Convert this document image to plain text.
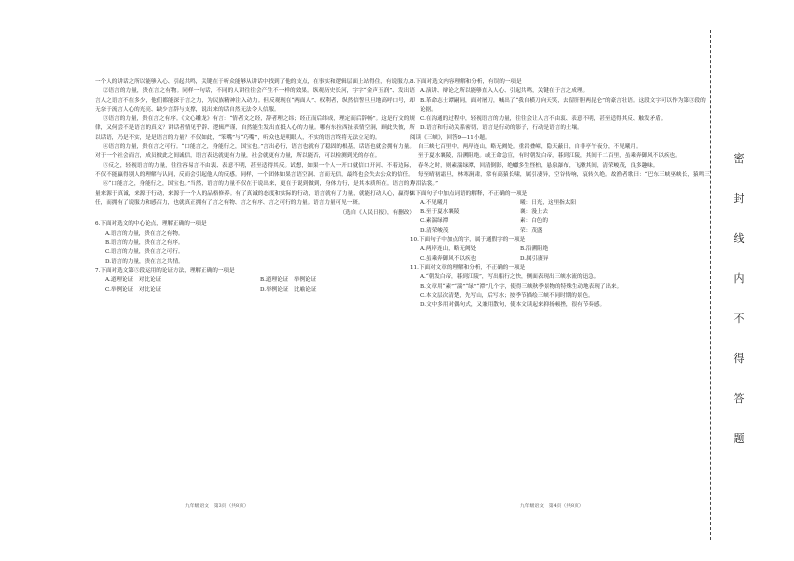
一个人的讲话之所以能够入心、引起共鸣，关键在于听众能够从讲话中找到了他的支点，在事实和逻辑层面上站得住，有说服力。

②语言的力量，贵在言之有物。同样一句话，不同的人讲往往会产生不一样的效果。纵观历史长河，字字“金声玉润”、发出语言人之语言不在多少，他们都能深于言之力，为民族精神注入动力。但反观现在“两面人”、权利者，纵然信誓旦旦地高呼口号，却无奈于流言人心的光亮、缺少言辞与支撑，说出来的话自然无法令人信服。

③语言的力量，贵在言之有序。《文心雕龙》有言：“情者文之经，辞者理之纬；经正而后纬成，理定而后辞畅”。这是行文的规律，又何尝不是语言的真义？讲话者情见乎辞、逻辑严谨，自然能生发出直抵人心的力量。哪有东拉西扯表情空洞，顾此失彼，所以话语，乃是不实，是是语言的力量？不仅如此，“笨嘴”与“巧嘴”，听众也是明眼人，不实的语言终将无法立足的。

④语言的力量，贵在言之可行。“口能言之，身能行之，国宝也。”言出必行，语言也就有了稳固的根基，话语也就会拥有力量。对于一个社会而言，成员彼此之间诚信，语言表达就更有力量，社会就更有力量，所以能否，可以检测到光的存在。

⑤反之，轻视语言的力量，往往容易言不由衷、表意不明，甚至适得其反。试想，如果一个人一开口就信口开河、不着边际，不仅不能赢得别人的理解与认同，反而会引起他人的反感。同样，一个团体如果言语空洞、言而无信，最终也会失去公众的信任。

⑥“口能言之，身能行之，国宝也。”当然，语言的力量不仅在于说出来，更在于说到做到，身体力行，是其本质所在。语言的力量来源于真诚，来源于行动，来源于一个人的品格修养。有了真诚的态度和实际的行动，语言就有了力量，就能打动人心，赢得信任，而拥有了说服力和感召力，也就真正拥有了言之有物、言之有序、言之可行的力量。语言力量可见一斑。

（选自《人民日报》，有删改）
6.下面对选文的中心论点，理解正确的一项是
A.语言的力量，贵在言之有物。
B.语言的力量，贵在言之有序。
C.语言的力量，贵在言之可行。
D.语言的力量，贵在言之共情。
7.下面对选文第⑤段运用的论证方法，理解正确的一项是
A.道理论证　对比论证	B.道理论证　举例论证
C.举例论证　对比论证	D.举例论证　比喻论证
九年级语文　第3页（共8页）
8.下面对选文内容理解和分析，有误的一项是
A.演讲、辩论之所以能够直入人心、引起共鸣，关键在于言之成理。
B.革命志士谭嗣同，面对屠刀，喊出了“我自横刀向天笑，去留肝胆两昆仑”的豪言壮语。这段文字可以作为第③段的论据。
C.在沟通的过程中，轻视语言的力量，往往会让人言不由衷、表意不明，甚至适得其反、触发矛盾。
D.语言和行动关系密切，语言是行动的影子，行动是语言的土壤。
阅读《三峡》，回答9—11小题。

自三峡七百里中，两岸连山，略无阙处。重岩叠嶂，隐天蔽日，自非亭午夜分，不见曦月。

至于夏水襄陵，沿溯阻绝。或王命急宣，有时朝发白帝，暮到江陵，其间千二百里，虽乘奔御风不以疾也。

春冬之时，则素湍绿潭，回清倒影，绝巘多生怪柏，悬泉瀑布，飞漱其间，清荣峻茂，良多趣味。

每至晴初霜旦，林寒涧肃，常有高猿长啸，属引凄异，空谷传响，哀转久绝。故渔者歌曰：“巴东三峡巫峡长，猿鸣三声泪沾裳。”

9.下面句子中加点词语的解释，不正确的一项是
A.不见曦月	曦：日光，这里指太阳
B.至于夏水襄陵	襄：漫上去
C.素湍绿潭	素：白色的
D.清荣峻茂	荣：茂盛
10.下面句子中加点的字，属于通假字的一项是
A.两岸连山，略无阙处	B.沿溯阻绝
C.虽乘奔御风不以疾也	D.属引凄异
11.下面对文章的理解和分析，不正确的一项是
A.“朝发白帝，暮到江陵”，写出船行之快，侧面表现出三峡水流的迅急。
B.文章用“素”“湍”“绿”“潭”几个字，使得三峡秋季景物的特殊生动地表现了出来。
C.本文层次清楚，先写山，后写水；按季节描绘三峡不同时期的景色。
D.文中多用对偶句式，又兼用散句，使本文读起来抑扬顿挫，很有节奏感。
九年级语文　第4页（共8页）
密
封
线
内
不
得
答
题
